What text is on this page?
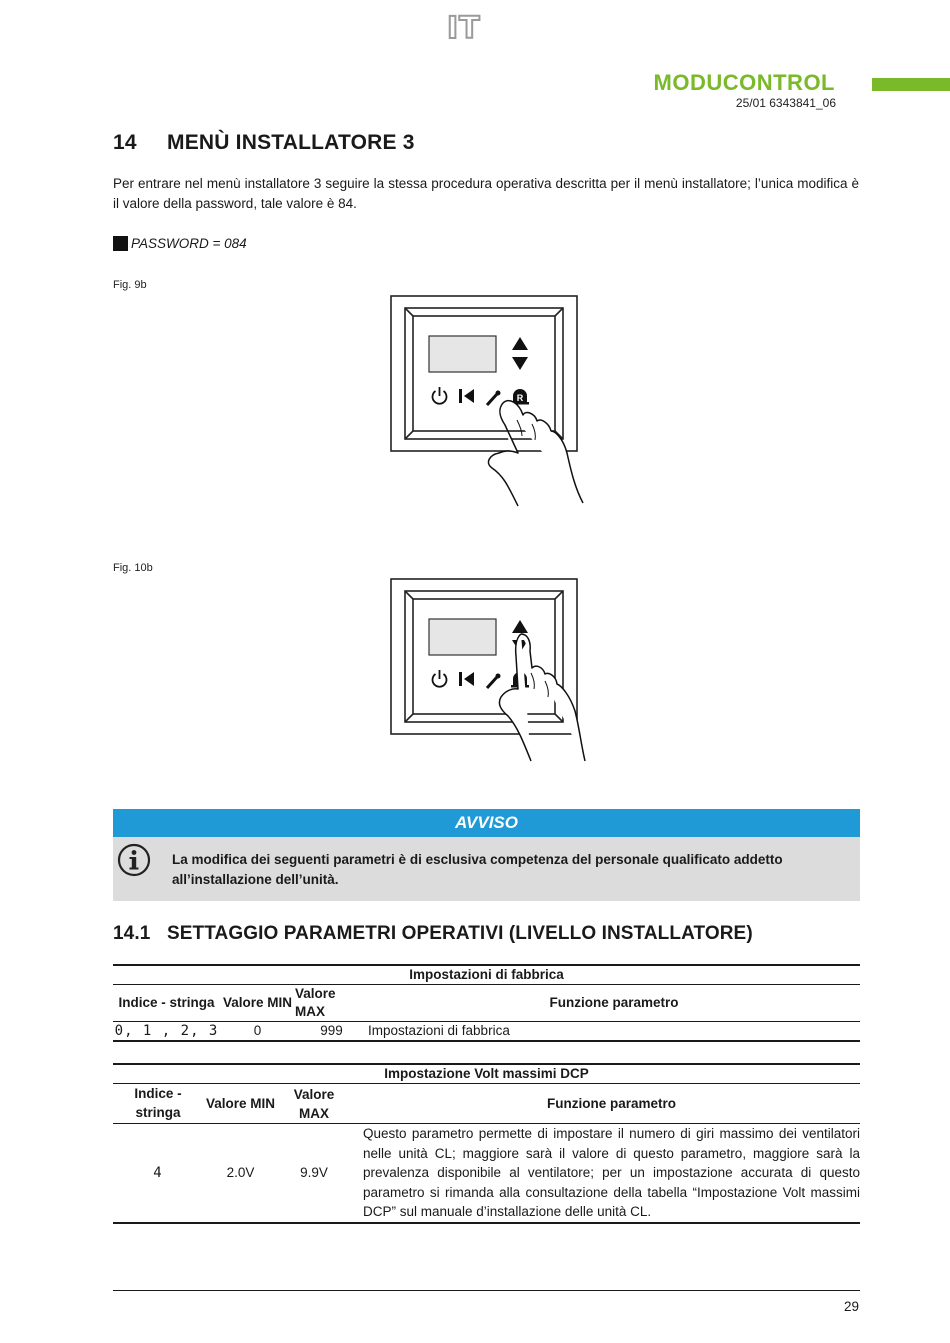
IT
MODUCONTROL
25/01 6343841_06
14 MENÙ INSTALLATORE 3
Per entrare nel menù installatore 3 seguire la stessa procedura operativa descritta per il menù installatore; l’unica modifica è il valore della password, tale valore è 84.
PASSWORD = 084
Fig. 9b
R
Fig. 10b
AVVISO
La modifica dei seguenti parametri è di esclusiva competenza del personale qualificato addetto all’installazione dell’unità.
14.1 SETTAGGIO PARAMETRI OPERATIVI (LIVELLO INSTALLATORE)
Impostazioni di fabbrica			
Indice - stringa	Valore MIN	Valore MAX	Funzione parametro
0, 1 , 2, 3	0	999	Impostazioni di fabbrica
Impostazione Volt massimi DCP				
Indice - stringa	Valore MIN	Valore MAX		Funzione parametro
4	2.0V	9.9V		Questo parametro permette di impostare il numero di giri massimo dei ventilatori nelle unità CL; maggiore sarà il valore di questo parametro, maggiore sarà la prevalenza disponibile al ventilatore; per un impostazione accurata di questo parametro si rimanda alla consultazione della tabella “Impostazione Volt massimi DCP” sul manuale d’installazione delle unità CL.
29
